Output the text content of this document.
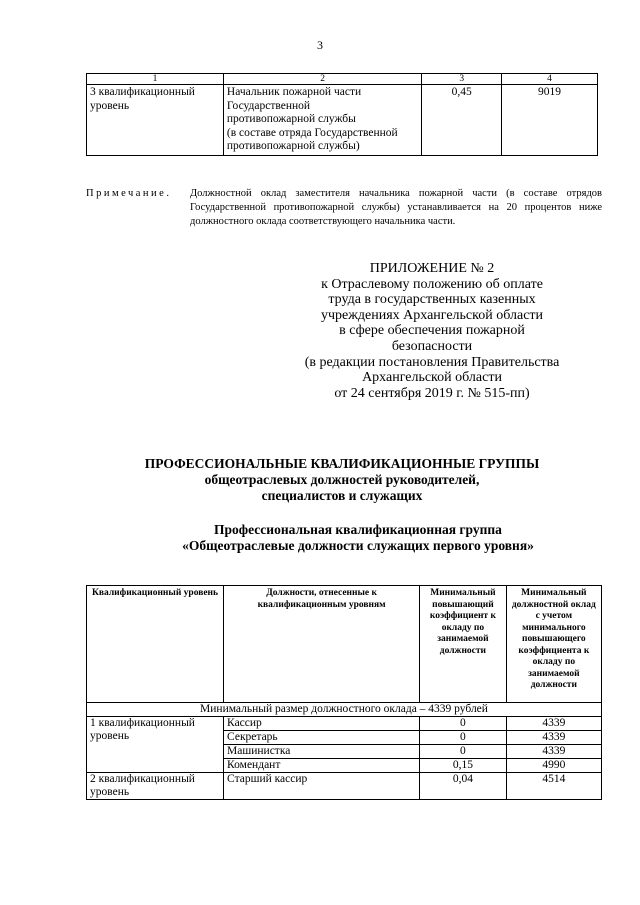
3
1	2	3	4
3 квалификационный уровень	Начальник пожарной части
Государственной
противопожарной службы
(в составе отряда Государственной
противопожарной службы)	0,45	9019
Примечание. Должностной оклад заместителя начальника пожарной части (в составе отрядов Государственной противопожарной службы) устанавливается на 20 процентов ниже должностного оклада соответствующего начальника части.
ПРИЛОЖЕНИЕ № 2
к Отраслевому положению об оплате
труда в государственных казенных
учреждениях Архангельской области
в сфере обеспечения пожарной
безопасности
(в редакции постановления Правительства
Архангельской области
от 24 сентября 2019 г. № 515-пп)
ПРОФЕССИОНАЛЬНЫЕ КВАЛИФИКАЦИОННЫЕ ГРУППЫ
общеотраслевых должностей руководителей,
специалистов и служащих
Профессиональная квалификационная группа
«Общеотраслевые должности служащих первого уровня»
Квалификационный уровень	Должности, отнесенные к квалификационным уровням	Минимальный повышающий коэффициент к окладу по занимаемой должности	Минимальный должностной оклад с учетом минимального повышающего коэффициента к окладу по занимаемой должности
Минимальный размер должностного оклада – 4339 рублей			
1 квалификационный уровень	Кассир	0	4339
	Секретарь	0	4339
	Машинистка	0	4339
	Комендант	0,15	4990
2 квалификационный уровень	Старший кассир	0,04	4514
